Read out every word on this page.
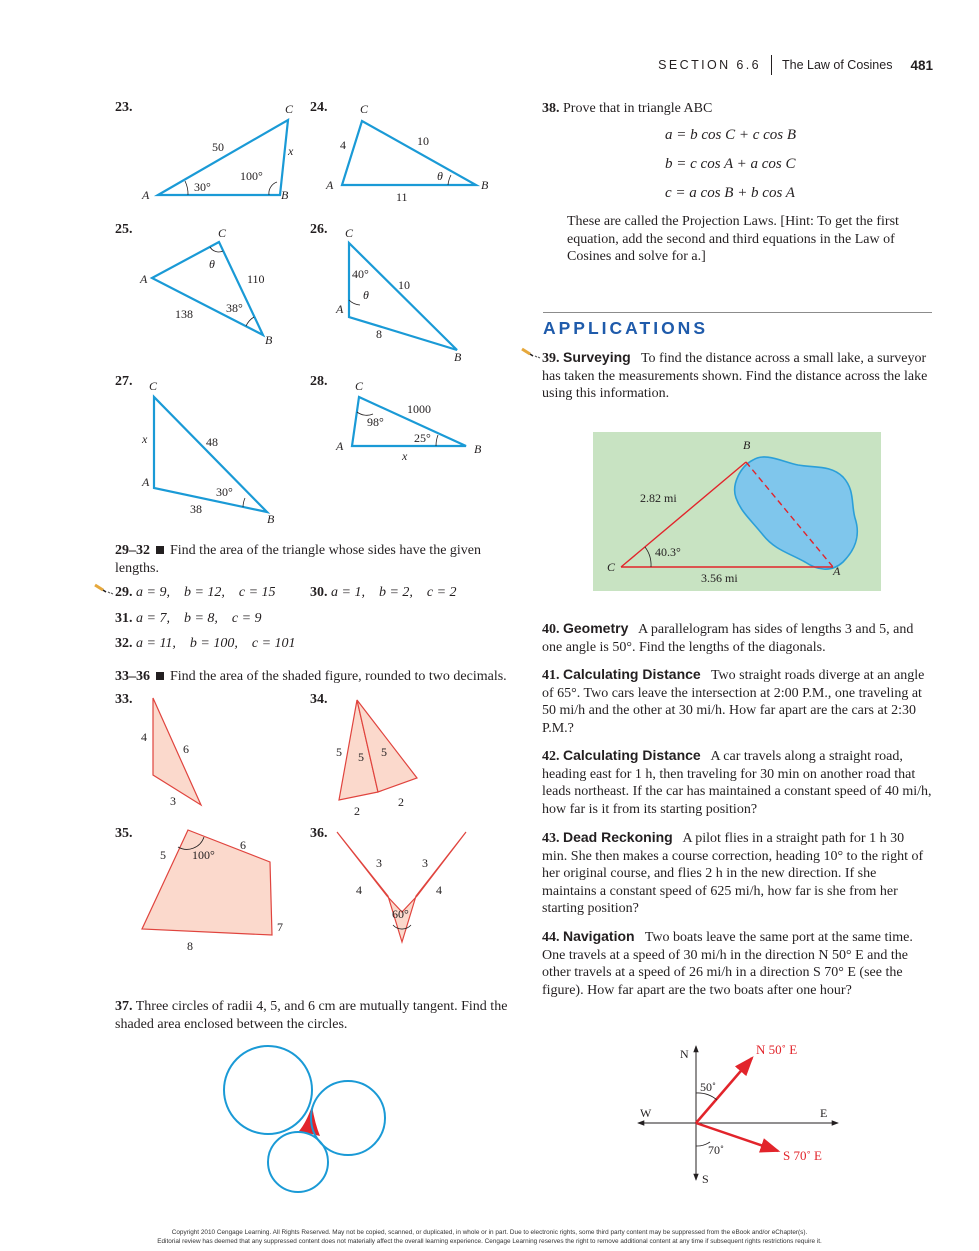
SECTION 6.6 The Law of Cosines 481
23.	C
A	B
50	x
30°
100°
24.	C
A	B
4	10
11
θ
25.	C
A
B
110
138
θ
38°
26. C
A
B
10
8
40°
θ
27. C
A
B
x	48
38
30°
28. C
A	B
1000
x
98°
25°
29–32 Find the area of the triangle whose sides have the given lengths.
29. a = 9,    b = 12,    c = 15 30. a = 1,    b = 2,    c = 2
31. a = 7,    b = 8,    c = 9
32. a = 11,    b = 100,    c = 101
33–36 Find the area of the shaded figure, rounded to two decimals.
33.
4
6
3
34.
5 5 5
2
2
35.
5
6
7
8
100°
36.
3	3
4	4
60°
37. Three circles of radii 4, 5, and 6 cm are mutually tangent. Find the shaded area enclosed between the circles.
38. Prove that in triangle ABC
a = b cos C + c cos B
b = c cos A + a cos C
c = a cos B + b cos A
These are called the Projection Laws. [Hint: To get the first equation, add the second and third equations in the Law of Cosines and solve for a.]
APPLICATIONS
39. Surveying To find the distance across a small lake, a surveyor has taken the measurements shown. Find the distance across the lake using this information.
B
C	A
2.82 mi
3.56 mi
40.3°
40. Geometry A parallelogram has sides of lengths 3 and 5, and one angle is 50°. Find the lengths of the diagonals.
41. Calculating Distance Two straight roads diverge at an angle of 65°. Two cars leave the intersection at 2:00 P.M., one traveling at 50 mi/h and the other at 30 mi/h. How far apart are the cars at 2:30 P.M.?
42. Calculating Distance A car travels along a straight road, heading east for 1 h, then traveling for 30 min on another road that leads northeast. If the car has maintained a constant speed of 40 mi/h, how far is it from its starting position?
43. Dead Reckoning A pilot flies in a straight path for 1 h 30 min. She then makes a course correction, heading 10° to the right of her original course, and flies 2 h in the new direction. If she maintains a constant speed of 625 mi/h, how far is she from her starting position?
44. Navigation Two boats leave the same port at the same time. One travels at a speed of 30 mi/h in the direction N 50° E and the other travels at a speed of 26 mi/h in a direction S 70° E (see the figure). How far apart are the two boats after one hour?
N
S
E
W
N 50˚ E
S 70˚ E
50˚
70˚
Copyright 2010 Cengage Learning. All Rights Reserved. May not be copied, scanned, or duplicated, in whole or in part. Due to electronic rights, some third party content may be suppressed from the eBook and/or eChapter(s).
Editorial review has deemed that any suppressed content does not materially affect the overall learning experience. Cengage Learning reserves the right to remove additional content at any time if subsequent rights restrictions require it.
